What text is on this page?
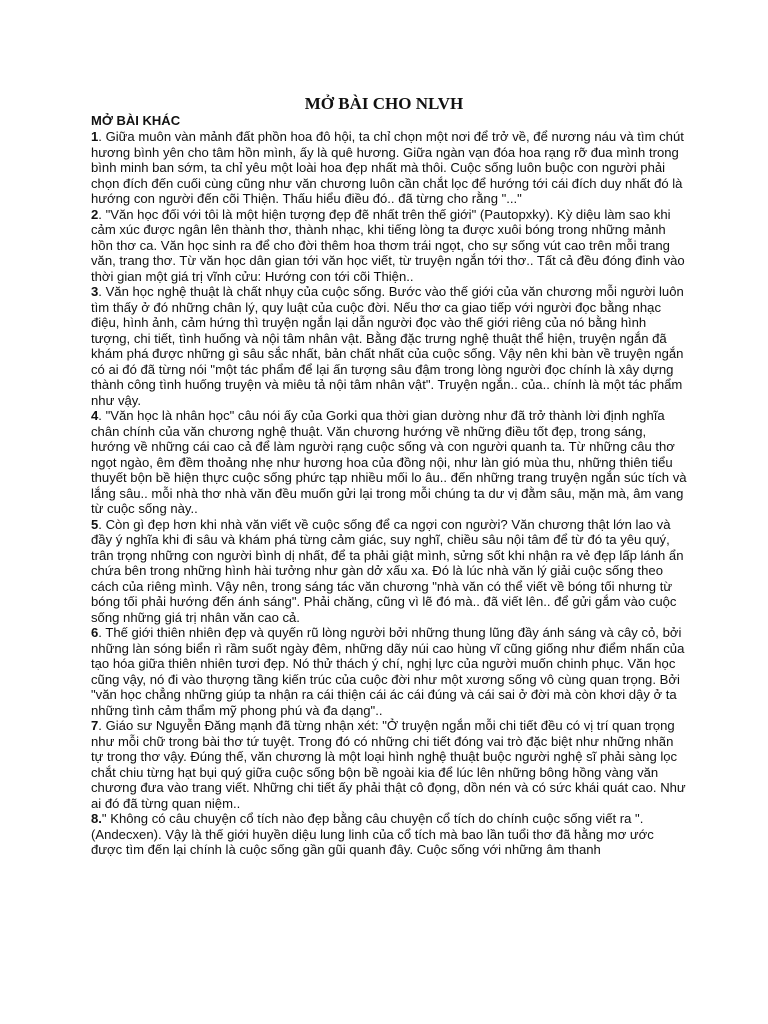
MỞ BÀI CHO NLVH
MỞ BÀI KHÁC

1. Giữa muôn vàn mảnh đất phồn hoa đô hội, ta chỉ chọn một nơi để trở về, để nương náu và tìm chút hương bình yên cho tâm hồn mình, ấy là quê hương. Giữa ngàn vạn đóa hoa rạng rỡ đua mình trong bình minh ban sớm, ta chỉ yêu một loài hoa đẹp nhất mà thôi. Cuộc sống luôn buộc con người phải chọn đích đến cuối cùng cũng như văn chương luôn cần chắt lọc để hướng tới cái đích duy nhất đó là hướng con người đến cõi Thiện. Thấu hiểu điều đó.. đã từng cho rằng "..."

2. "Văn học đối với tôi là một hiện tượng đẹp đẽ nhất trên thế giới" (Pautopxky). Kỳ diệu làm sao khi cảm xúc được ngân lên thành thơ, thành nhạc, khi tiếng lòng ta được xuôi bóng trong những mảnh hồn thơ ca. Văn học sinh ra để cho đời thêm hoa thơm trái ngọt, cho sự sống vút cao trên mỗi trang văn, trang thơ. Từ văn học dân gian tới văn học viết, từ truyện ngắn tới thơ.. Tất cả đều đóng đinh vào thời gian một giá trị vĩnh cửu: Hướng con tới cõi Thiện..

3. Văn học nghệ thuật là chất nhụy của cuộc sống. Bước vào thế giới của văn chương mỗi người luôn tìm thấy ở đó những chân lý, quy luật của cuộc đời. Nếu thơ ca giao tiếp với người đọc bằng nhạc điệu, hình ảnh, cảm hứng thì truyện ngắn lại dẫn người đọc vào thế giới riêng của nó bằng hình tượng, chi tiết, tình huống và nội tâm nhân vật. Bằng đặc trưng nghệ thuật thể hiện, truyện ngắn đã khám phá được những gì sâu sắc nhất, bản chất nhất của cuộc sống. Vậy nên khi bàn về truyện ngắn có ai đó đã từng nói "một tác phẩm để lại ấn tượng sâu đậm trong lòng người đọc chính là xây dựng thành công tình huống truyện và miêu tả nội tâm nhân vật". Truyện ngắn.. của.. chính là một tác phẩm như vậy.

4. "Văn học là nhân học" câu nói ấy của Gorki qua thời gian dường như đã trở thành lời định nghĩa chân chính của văn chương nghệ thuật. Văn chương hướng về những điều tốt đẹp, trong sáng, hướng về những cái cao cả để làm người rạng cuộc sống và con người quanh ta. Từ những câu thơ ngọt ngào, êm đềm thoảng nhẹ như hương hoa của đồng nội, như làn gió mùa thu, những thiên tiểu thuyết bộn bề hiện thực cuộc sống phức tạp nhiều mối lo âu.. đến những trang truyện ngắn súc tích và lắng sâu.. mỗi nhà thơ nhà văn đều muốn gửi lại trong mỗi chúng ta dư vị đằm sâu, mặn mà, âm vang từ cuộc sống này..

5. Còn gì đẹp hơn khi nhà văn viết về cuộc sống để ca ngợi con người? Văn chương thật lớn lao và đầy ý nghĩa khi đi sâu và khám phá từng cảm giác, suy nghĩ, chiều sâu nội tâm để từ đó ta yêu quý, trân trọng những con người bình dị nhất, để ta phải giật mình, sửng sốt khi nhận ra vẻ đẹp lấp lánh ẩn chứa bên trong những hình hài tưởng như gàn dở xấu xa. Đó là lúc nhà văn lý giải cuộc sống theo cách của riêng mình. Vậy nên, trong sáng tác văn chương "nhà văn có thể viết về bóng tối nhưng từ bóng tối phải hướng đến ánh sáng". Phải chăng, cũng vì lẽ đó mà.. đã viết lên.. để gửi gắm vào cuộc sống những giá trị nhân văn cao cả.

6. Thế giới thiên nhiên đẹp và quyến rũ lòng người bởi những thung lũng đầy ánh sáng và cây cỏ, bởi những làn sóng biển rì rầm suốt ngày đêm, những dãy núi cao hùng vĩ cũng giống như điểm nhấn của tạo hóa giữa thiên nhiên tươi đẹp. Nó thử thách ý chí, nghị lực của người muốn chinh phục. Văn học cũng vậy, nó đi vào thượng tầng kiến trúc của cuộc đời như một xương sống vô cùng quan trọng. Bởi "văn học chẳng những giúp ta nhận ra cái thiện cái ác cái đúng và cái sai ở đời mà còn khơi dậy ở ta những tình cảm thẩm mỹ phong phú và đa dạng"..

7. Giáo sư Nguyễn Đăng mạnh đã từng nhận xét: "Ở truyện ngắn mỗi chi tiết đều có vị trí quan trọng như mỗi chữ trong bài thơ tứ tuyệt. Trong đó có những chi tiết đóng vai trò đặc biệt như những nhãn tự trong thơ vậy. Đúng thế, văn chương là một loại hình nghệ thuật buộc người nghệ sĩ phải sàng lọc chắt chiu từng hạt bụi quý giữa cuộc sống bộn bề ngoài kia để lúc lên những bông hồng vàng văn chương đưa vào trang viết. Những chi tiết ấy phải thật cô đọng, dồn nén và có sức khái quát cao. Như ai đó đã từng quan niệm..

8." Không có câu chuyện cổ tích nào đẹp bằng câu chuyện cổ tích do chính cuộc sống viết ra ". (Andecxen). Vậy là thế giới huyền diệu lung linh của cổ tích mà bao lần tuổi thơ đã hằng mơ ước được tìm đến lại chính là cuộc sống gần gũi quanh đây. Cuộc sống với những âm thanh
